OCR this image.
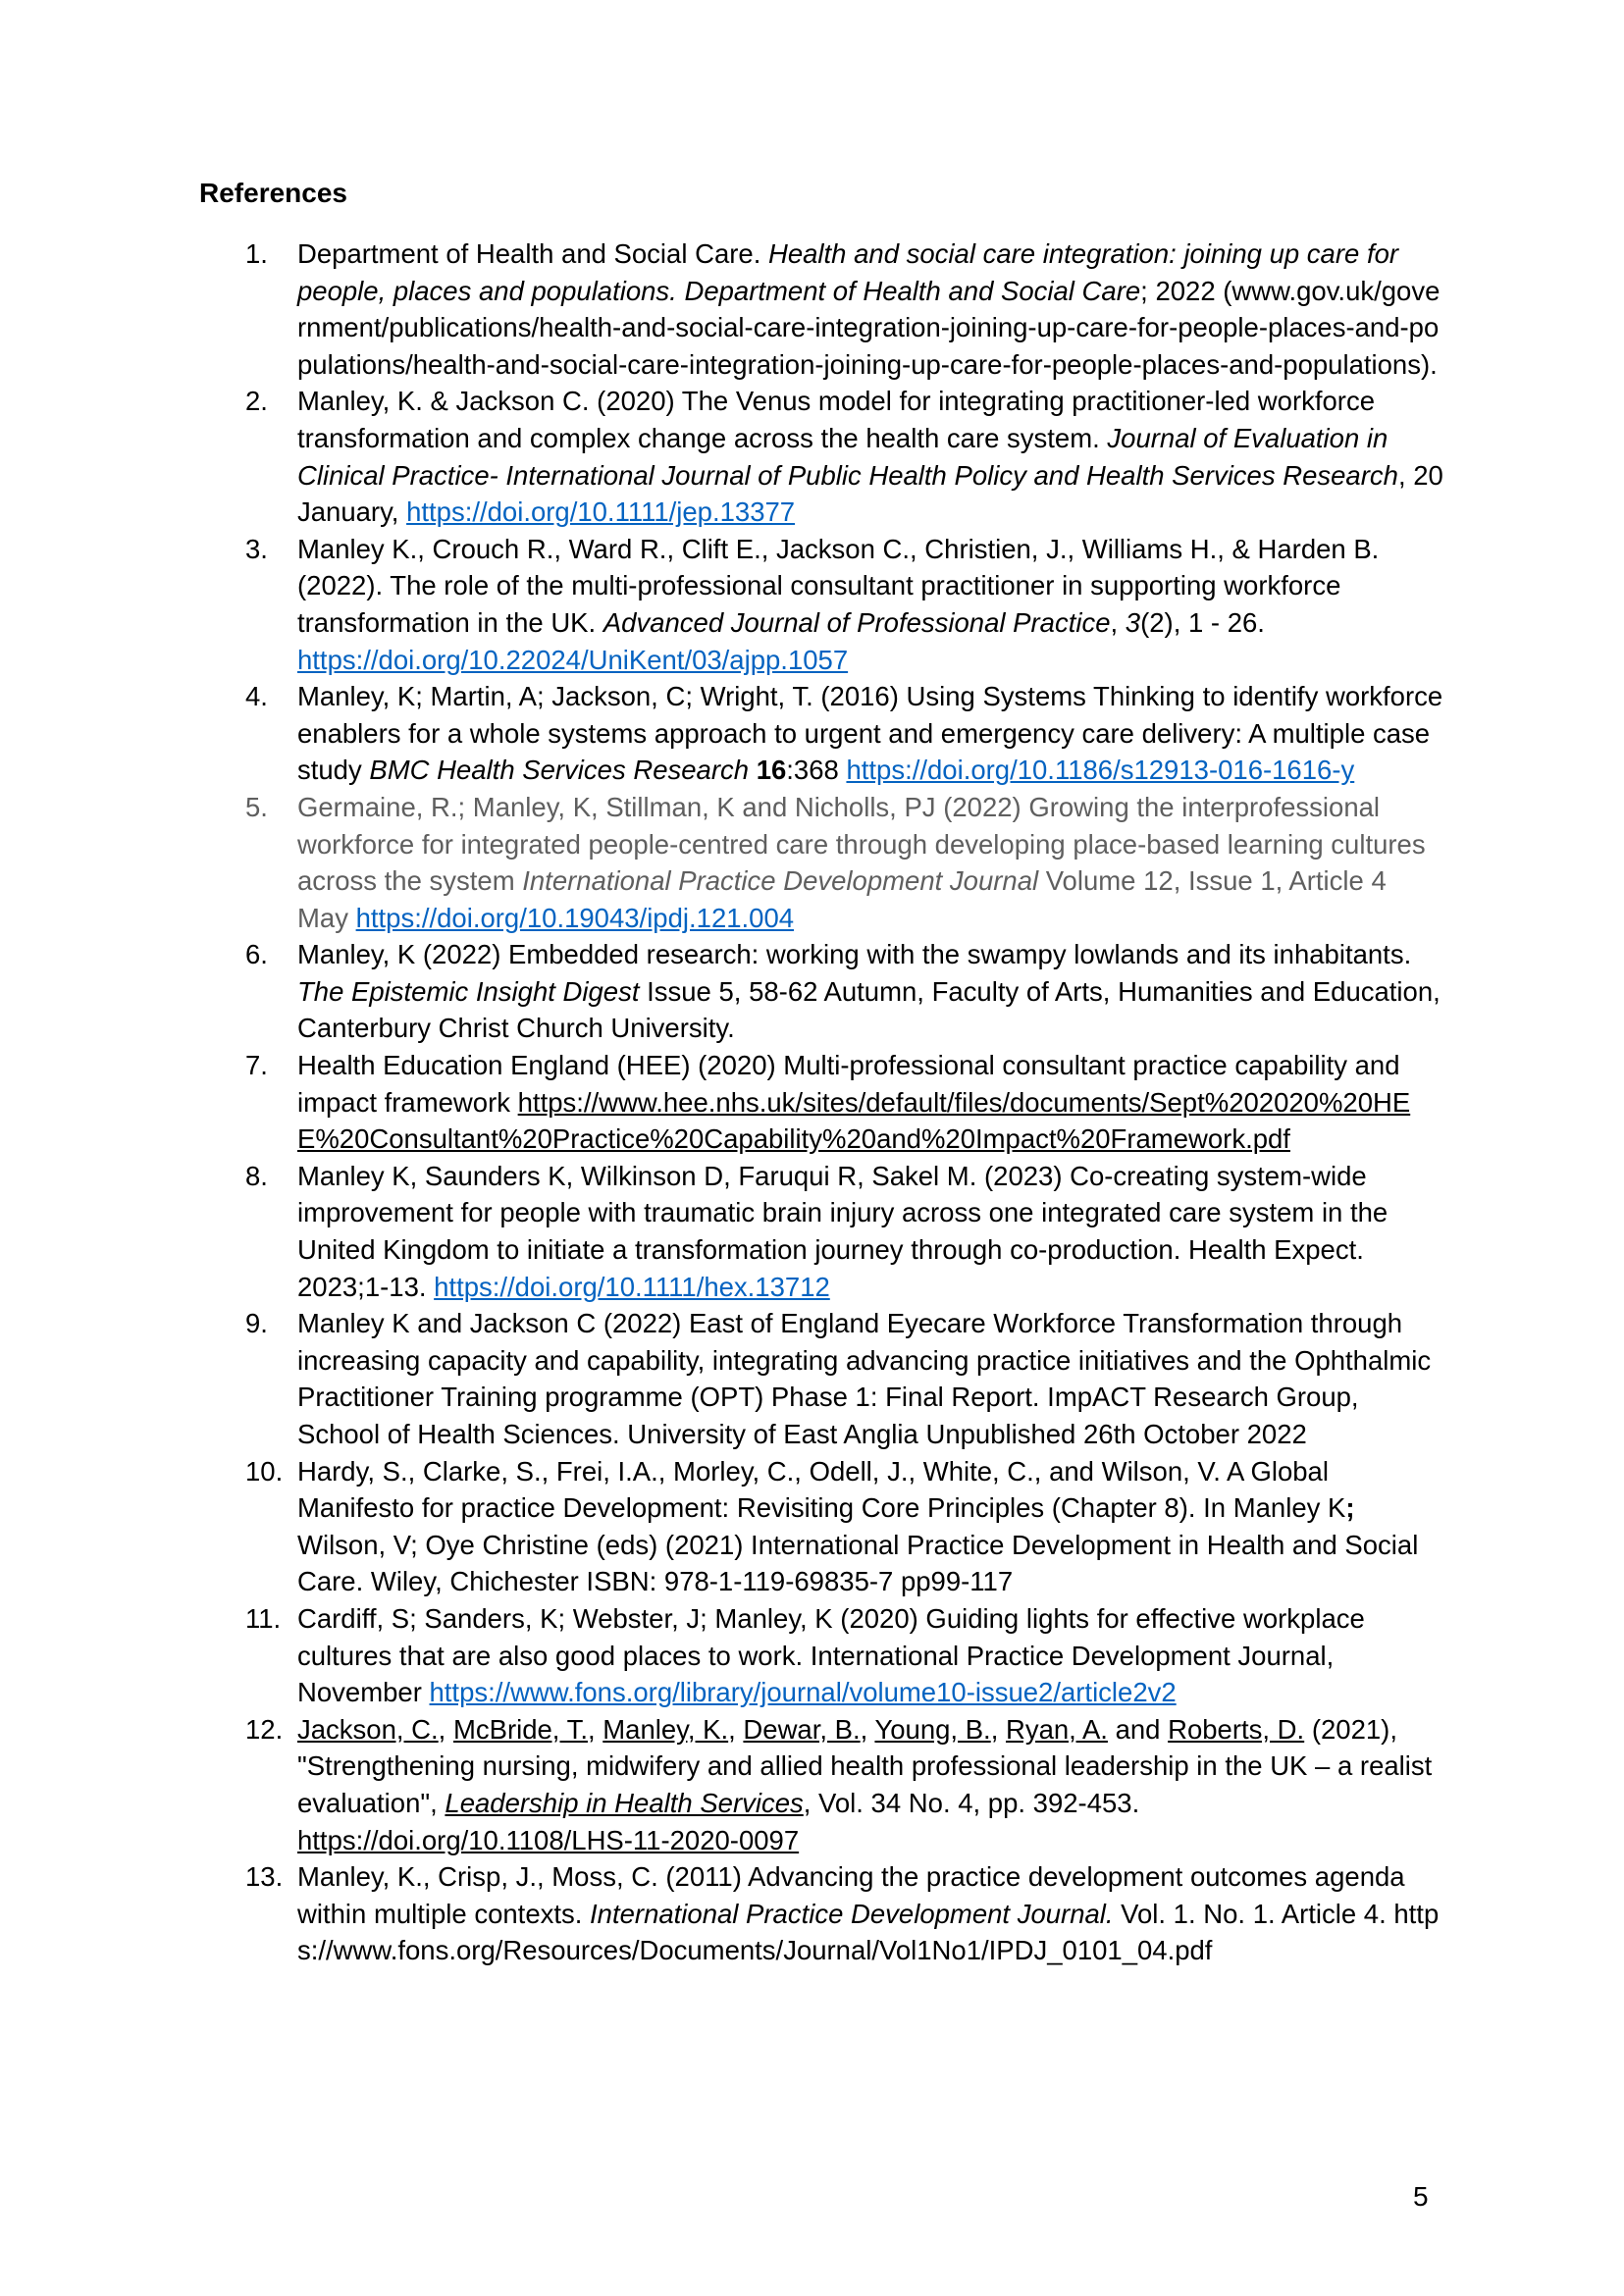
References
1.	Department of Health and Social Care. Health and social care integration: joining up care for people, places and populations. Department of Health and Social Care; 2022 (www.gov.uk/government/publications/health-and-social-care-integration-joining-up-care-for-people-places-and-populations/health-and-social-care-integration-joining-up-care-for-people-places-and-populations).

2.	Manley, K. & Jackson C. (2020) The Venus model for integrating practitioner-led workforce transformation and complex change across the health care system. Journal of Evaluation in Clinical Practice- International Journal of Public Health Policy and Health Services Research, 20 January, https://doi.org/10.1111/jep.13377

3.	Manley K., Crouch R., Ward R., Clift E., Jackson C., Christien, J., Williams H., & Harden B. (2022). The role of the multi-professional consultant practitioner in supporting workforce transformation in the UK. Advanced Journal of Professional Practice, 3(2), 1 - 26. https://doi.org/10.22024/UniKent/03/ajpp.1057

4.	Manley, K; Martin, A; Jackson, C; Wright, T. (2016) Using Systems Thinking to identify workforce enablers for a whole systems approach to urgent and emergency care delivery: A multiple case study BMC Health Services Research 16:368 https://doi.org/10.1186/s12913-016-1616-y

5.	Germaine, R.; Manley, K, Stillman, K and Nicholls, PJ (2022) Growing the interprofessional workforce for integrated people-centred care through developing place-based learning cultures across the system International Practice Development Journal Volume 12, Issue 1, Article 4 May https://doi.org/10.19043/ipdj.121.004

6.	Manley, K (2022) Embedded research: working with the swampy lowlands and its inhabitants. The Epistemic Insight Digest Issue 5, 58-62 Autumn, Faculty of Arts, Humanities and Education, Canterbury Christ Church University.

7.	Health Education England (HEE) (2020) Multi-professional consultant practice capability and impact framework https://www.hee.nhs.uk/sites/default/files/documents/Sept%202020%20HEE%20Consultant%20Practice%20Capability%20and%20Impact%20Framework.pdf

8.	Manley K, Saunders K, Wilkinson D, Faruqui R, Sakel M. (2023) Co-creating system-wide improvement for people with traumatic brain injury across one integrated care system in the United Kingdom to initiate a transformation journey through co-production. Health Expect. 2023;1-13. https://doi.org/10.1111/hex.13712

9.	Manley K and Jackson C (2022) East of England Eyecare Workforce Transformation through increasing capacity and capability, integrating advancing practice initiatives and the Ophthalmic Practitioner Training programme (OPT) Phase 1: Final Report. ImpACT Research Group, School of Health Sciences. University of East Anglia Unpublished 26th October 2022

10. Hardy, S., Clarke, S., Frei, I.A., Morley, C., Odell, J., White, C., and Wilson, V. A Global Manifesto for practice Development: Revisiting Core Principles (Chapter 8). In Manley K; Wilson, V; Oye Christine (eds) (2021) International Practice Development in Health and Social Care. Wiley, Chichester ISBN: 978-1-119-69835-7 pp99-117

11. Cardiff, S; Sanders, K; Webster, J; Manley, K (2020) Guiding lights for effective workplace cultures that are also good places to work. International Practice Development Journal, November https://www.fons.org/library/journal/volume10-issue2/article2v2

12. Jackson, C., McBride, T., Manley, K., Dewar, B., Young, B., Ryan, A. and Roberts, D. (2021), "Strengthening nursing, midwifery and allied health professional leadership in the UK – a realist evaluation", Leadership in Health Services, Vol. 34 No. 4, pp. 392-453. https://doi.org/10.1108/LHS-11-2020-0097

13. Manley, K., Crisp, J., Moss, C. (2011) Advancing the practice development outcomes agenda within multiple contexts. International Practice Development Journal. Vol. 1. No. 1. Article 4. https://www.fons.org/Resources/Documents/Journal/Vol1No1/IPDJ_0101_04.pdf

5
